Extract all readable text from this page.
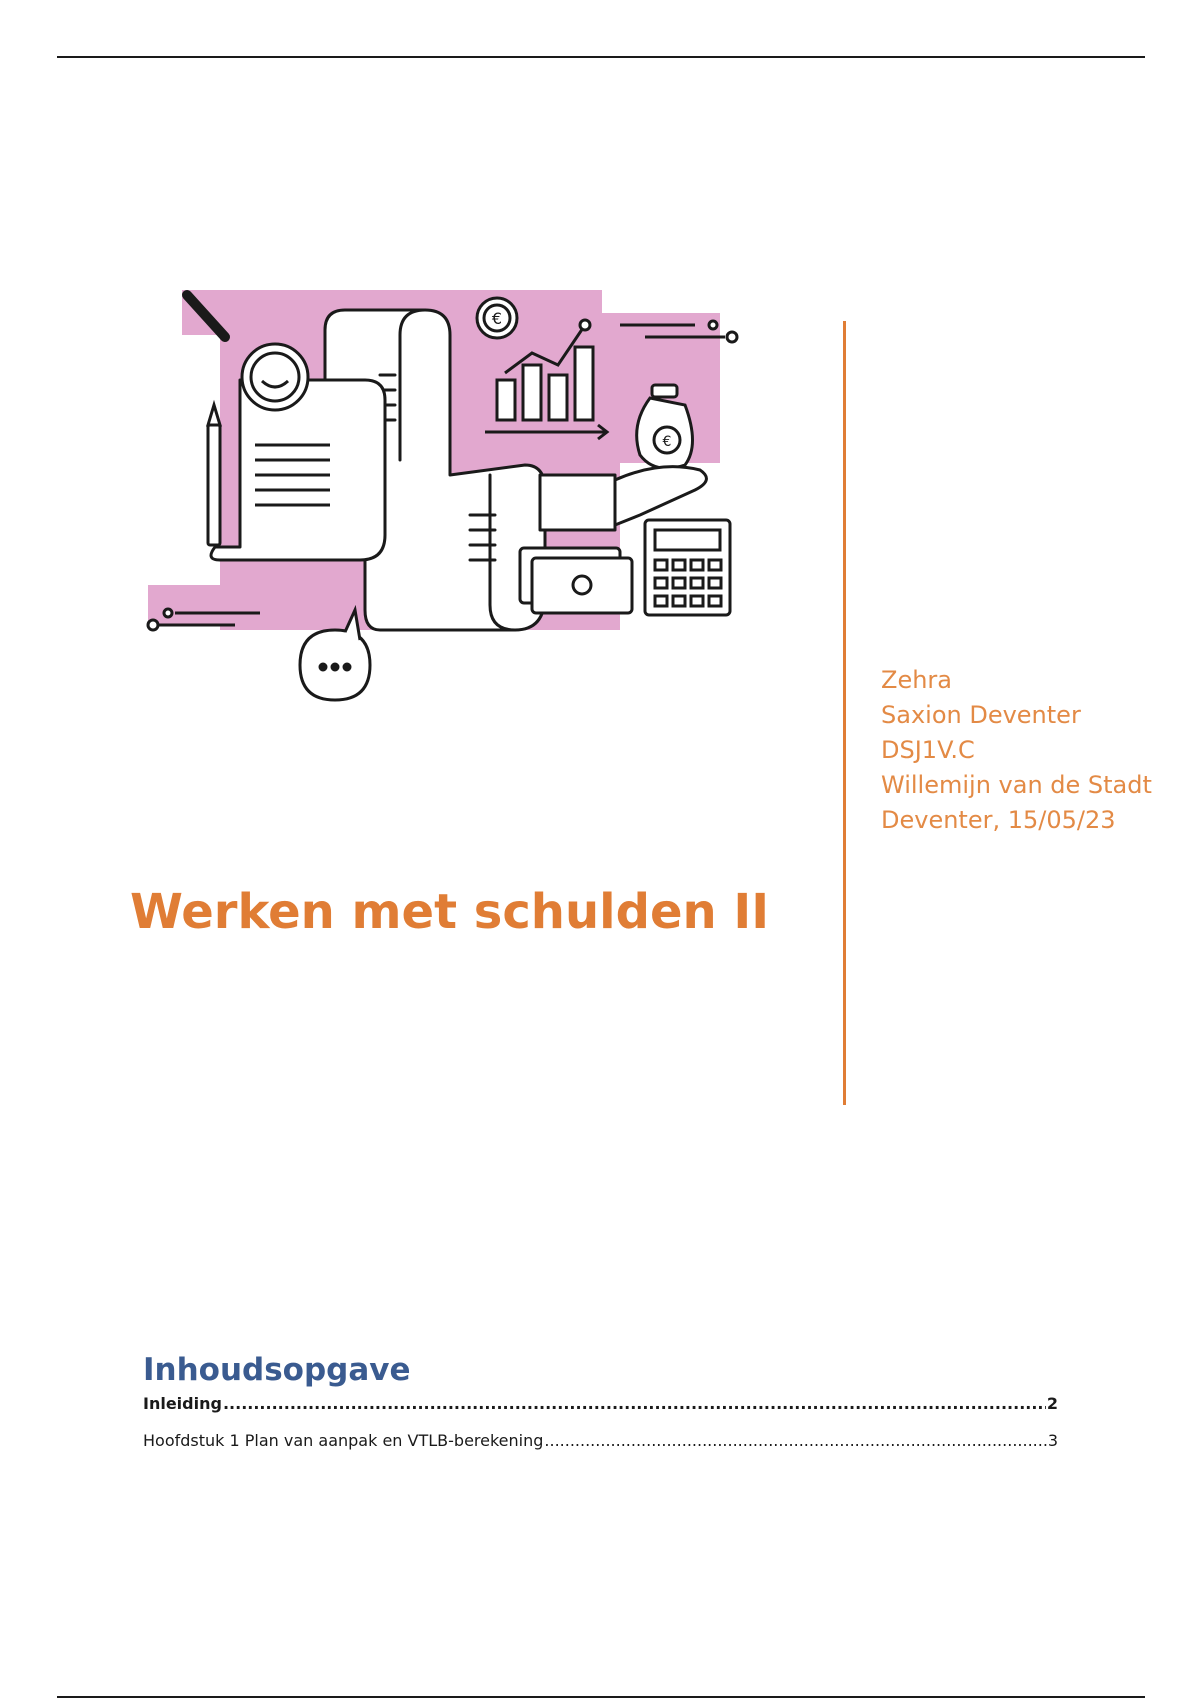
€
€
Zehra
Saxion Deventer
DSJ1V.C
Willemijn van de Stadt
Deventer, 15/05/23
Werken met schulden II
Inhoudsopgave
Inleiding .....	2
Hoofdstuk 1 Plan van aanpak en VTLB-berekening .....	3
